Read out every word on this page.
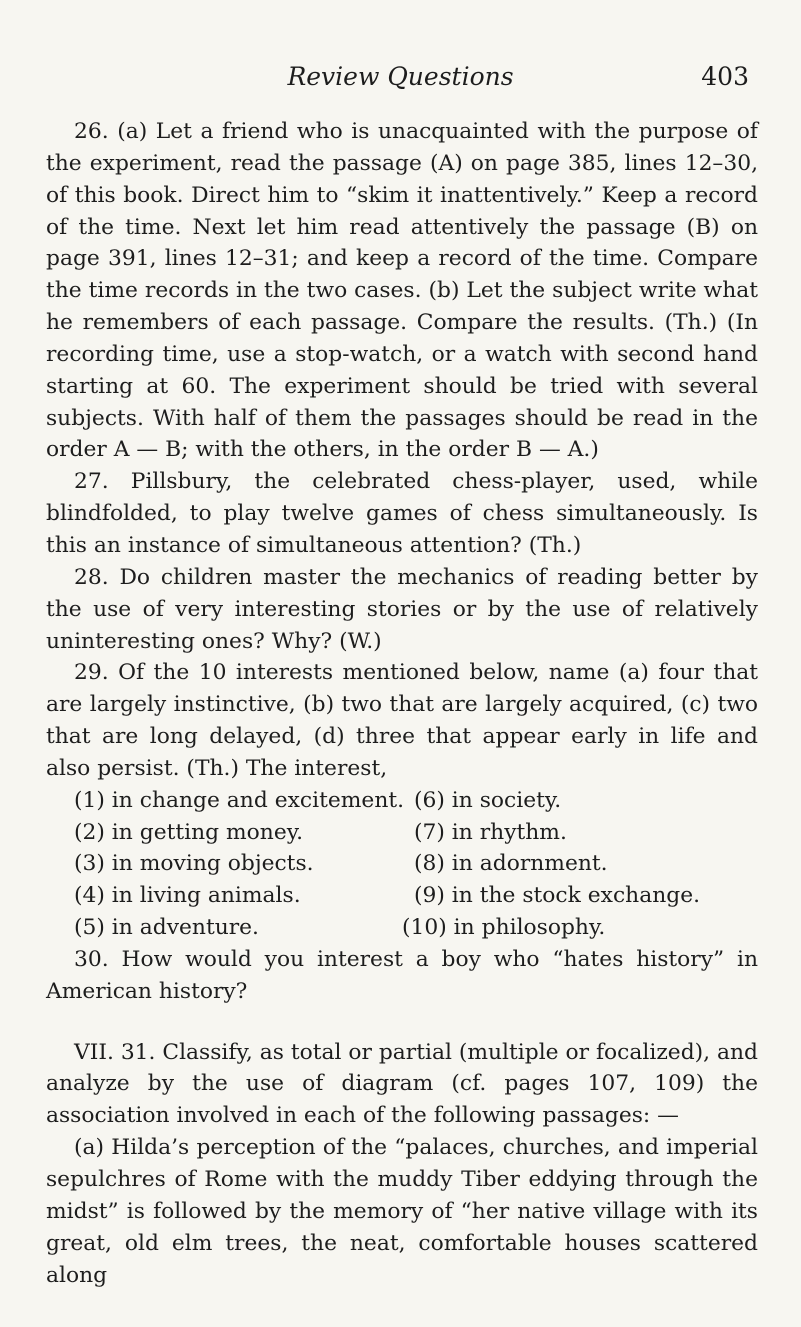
Review Questions	403

26. (a) Let a friend who is unacquainted with the purpose of the experiment, read the passage (A) on page 385, lines 12–30, of this book. Direct him to “skim it inattentively.” Keep a record of the time. Next let him read attentively the passage (B) on page 391, lines 12–31; and keep a record of the time. Compare the time records in the two cases. (b) Let the subject write what he remembers of each passage. Compare the results. (Th.) (In recording time, use a stop-watch, or a watch with second hand starting at 60. The experiment should be tried with several subjects. With half of them the passages should be read in the order A — B; with the others, in the order B — A.)

27. Pillsbury, the celebrated chess-player, used, while blindfolded, to play twelve games of chess simultaneously. Is this an instance of simultaneous attention? (Th.)

28. Do children master the mechanics of reading better by the use of very interesting stories or by the use of relatively uninteresting ones? Why? (W.)

29. Of the 10 interests mentioned below, name (a) four that are largely instinctive, (b) two that are largely acquired, (c) two that are long delayed, (d) three that appear early in life and also persist. (Th.) The interest,

(1) in change and excitement. (6) in society.
(2) in getting money.	(7) in rhythm.
(3) in moving objects.	(8) in adornment.
(4) in living animals.	(9) in the stock exchange.
(5) in adventure.	(10) in philosophy.

30. How would you interest a boy who “hates history” in American history?

VII. 31. Classify, as total or partial (multiple or focalized), and analyze by the use of diagram (cf. pages 107, 109) the association involved in each of the following passages: —

(a) Hilda’s perception of the “palaces, churches, and imperial sepulchres of Rome with the muddy Tiber eddying through the midst” is followed by the memory of “her native village with its great, old elm trees, the neat, comfortable houses scattered along
